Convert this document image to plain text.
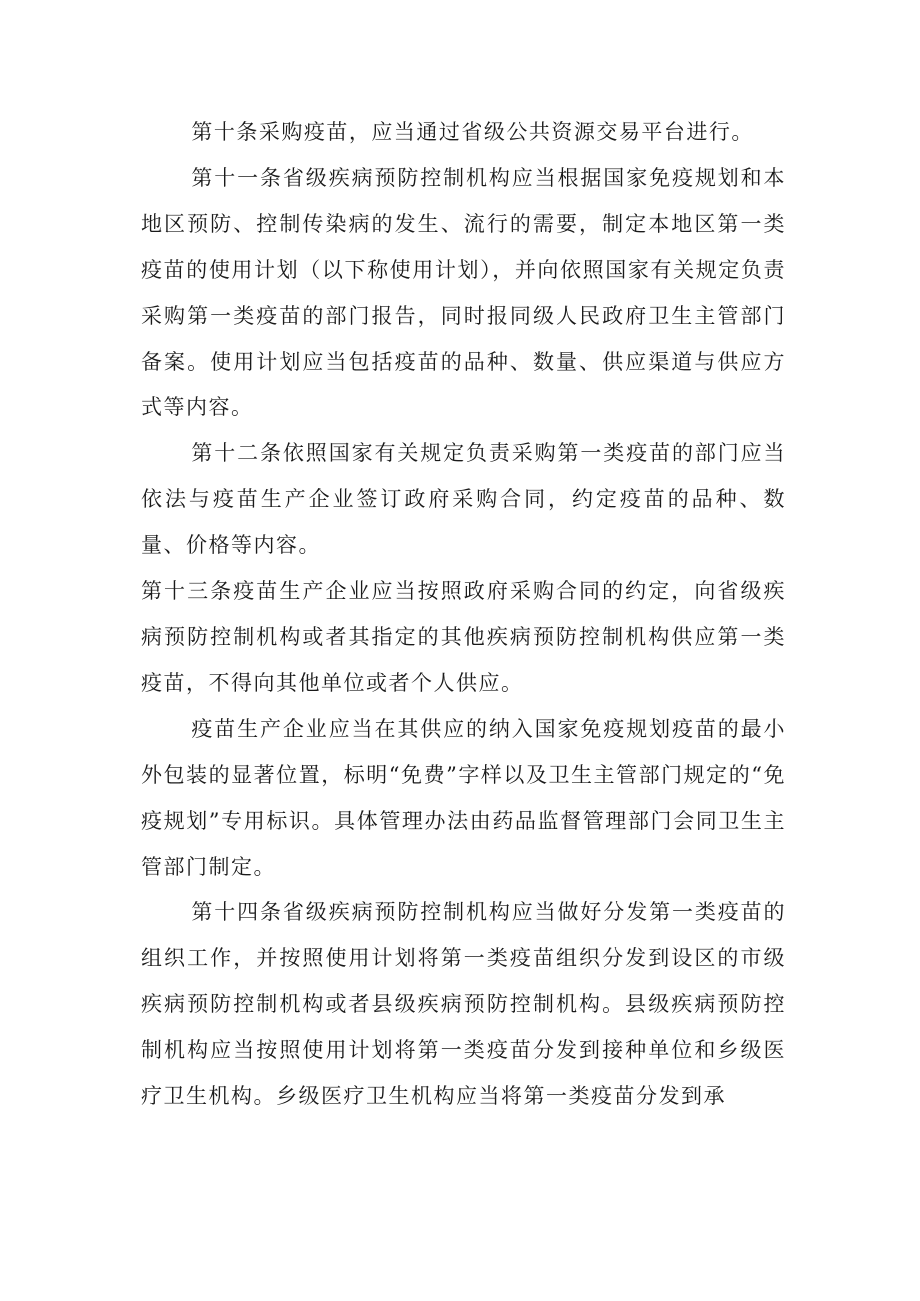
第十条采购疫苗，应当通过省级公共资源交易平台进行。

第十一条省级疾病预防控制机构应当根据国家免疫规划和本地区预防、控制传染病的发生、流行的需要，制定本地区第一类疫苗的使用计划（以下称使用计划），并向依照国家有关规定负责采购第一类疫苗的部门报告，同时报同级人民政府卫生主管部门备案。使用计划应当包括疫苗的品种、数量、供应渠道与供应方式等内容。

第十二条依照国家有关规定负责采购第一类疫苗的部门应当依法与疫苗生产企业签订政府采购合同，约定疫苗的品种、数量、价格等内容。

第十三条疫苗生产企业应当按照政府采购合同的约定，向省级疾病预防控制机构或者其指定的其他疾病预防控制机构供应第一类疫苗，不得向其他单位或者个人供应。

疫苗生产企业应当在其供应的纳入国家免疫规划疫苗的最小外包装的显著位置，标明“免费”字样以及卫生主管部门规定的“免疫规划”专用标识。具体管理办法由药品监督管理部门会同卫生主管部门制定。

第十四条省级疾病预防控制机构应当做好分发第一类疫苗的组织工作，并按照使用计划将第一类疫苗组织分发到设区的市级疾病预防控制机构或者县级疾病预防控制机构。县级疾病预防控制机构应当按照使用计划将第一类疫苗分发到接种单位和乡级医疗卫生机构。乡级医疗卫生机构应当将第一类疫苗分发到承
